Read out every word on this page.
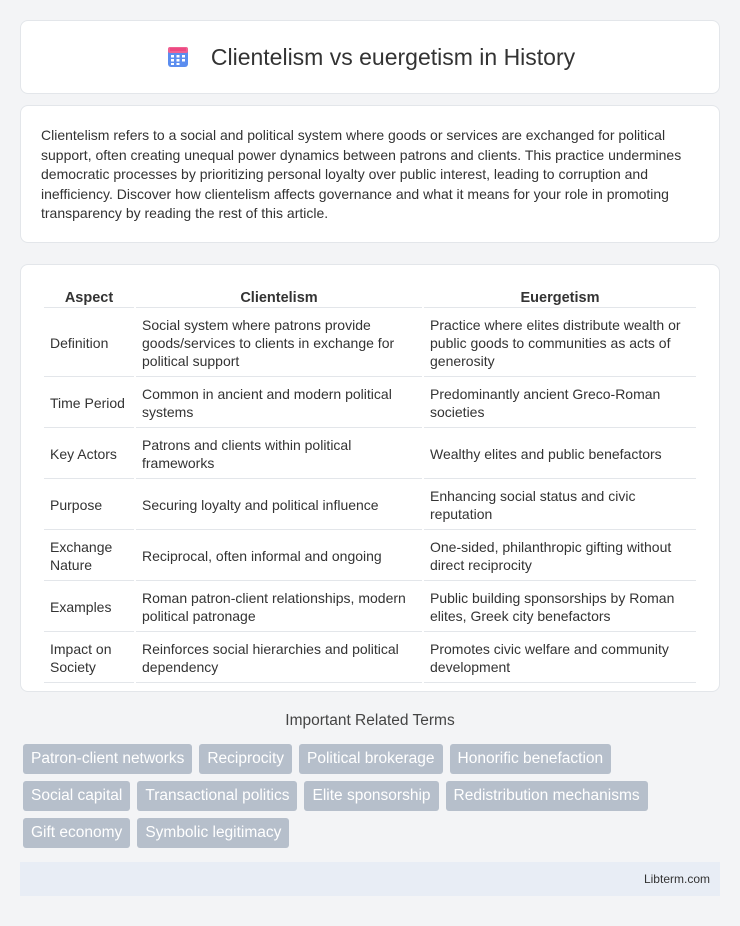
Clientelism vs euergetism in History

Clientelism refers to a social and political system where goods or services are exchanged for political support, often creating unequal power dynamics between patrons and clients. This practice undermines democratic processes by prioritizing personal loyalty over public interest, leading to corruption and inefficiency. Discover how clientelism affects governance and what it means for your role in promoting transparency by reading the rest of this article.

Aspect	Clientelism	Euergetism
Definition	Social system where patrons provide goods/services to clients in exchange for political support	Practice where elites distribute wealth or public goods to communities as acts of generosity
Time Period	Common in ancient and modern political systems	Predominantly ancient Greco-Roman societies
Key Actors	Patrons and clients within political frameworks	Wealthy elites and public benefactors
Purpose	Securing loyalty and political influence	Enhancing social status and civic reputation
Exchange Nature	Reciprocal, often informal and ongoing	One-sided, philanthropic gifting without direct reciprocity
Examples	Roman patron-client relationships, modern political patronage	Public building sponsorships by Roman elites, Greek city benefactors
Impact on Society	Reinforces social hierarchies and political dependency	Promotes civic welfare and community development
Important Related Terms
Patron-client networks	Reciprocity	Political brokerage	Honorific benefaction
Social capital	Transactional politics	Elite sponsorship	Redistribution mechanisms
Gift economy	Symbolic legitimacy
Libterm.com
